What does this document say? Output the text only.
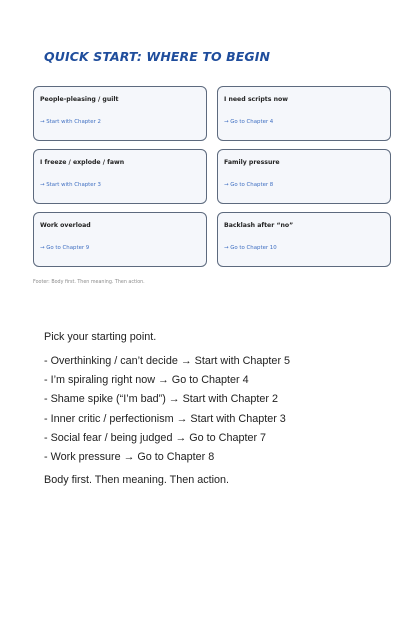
QUICK START: WHERE TO BEGIN
People-pleasing / guilt
→ Start with Chapter 2
I need scripts now
→ Go to Chapter 4
I freeze / explode / fawn
→ Start with Chapter 3
Family pressure
→ Go to Chapter 8
Work overload
→ Go to Chapter 9
Backlash after “no”
→ Go to Chapter 10
Footer: Body first. Then meaning. Then action.

Pick your starting point.

- Overthinking / can’t decide → Start with Chapter 5
- I’m spiraling right now → Go to Chapter 4
- Shame spike (“I’m bad”) → Start with Chapter 2
- Inner critic / perfectionism → Start with Chapter 3
- Social fear / being judged → Go to Chapter 7
- Work pressure → Go to Chapter 8

Body first. Then meaning. Then action.
